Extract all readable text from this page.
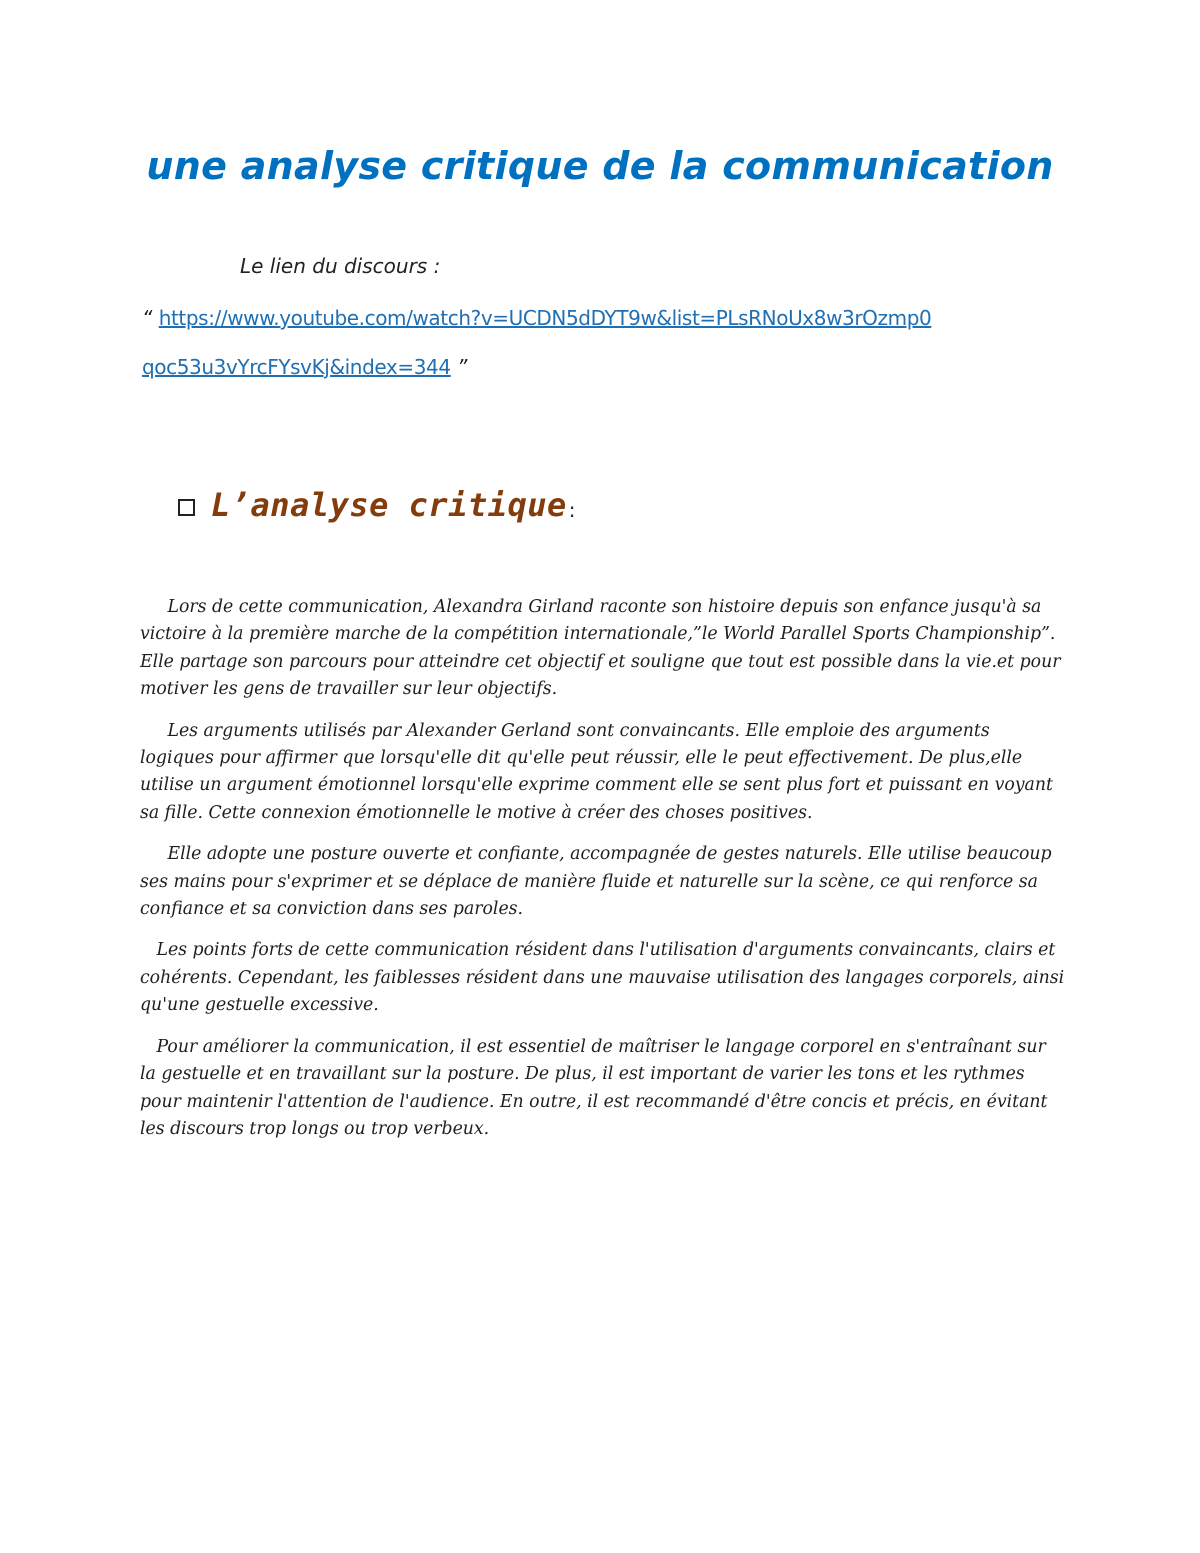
une analyse critique de la communication

Le lien du discours :

“ https://www.youtube.com/watch?v=UCDN5dDYT9w&list=PLsRNoUx8w3rOzmp0

qoc53u3vYrcFYsvKj&index=344 ”

L’analyse critique :

Lors de cette communication, Alexandra Girland raconte son histoire depuis son enfance jusqu'à sa victoire à la première marche de la compétition internationale,”le World Parallel Sports Championship”. Elle partage son parcours pour atteindre cet objectif et souligne que tout est possible dans la vie.et pour motiver les gens de travailler sur leur objectifs.

Les arguments utilisés par Alexander Gerland sont convaincants. Elle emploie des arguments logiques pour affirmer que lorsqu'elle dit qu'elle peut réussir, elle le peut effectivement. De plus,elle utilise un argument émotionnel lorsqu'elle exprime comment elle se sent plus fort et puissant en voyant sa fille. Cette connexion émotionnelle le motive à créer des choses positives.

Elle adopte une posture ouverte et confiante, accompagnée de gestes naturels. Elle utilise beaucoup ses mains pour s'exprimer et se déplace de manière fluide et naturelle sur la scène, ce qui renforce sa confiance et sa conviction dans ses paroles.

Les points forts de cette communication résident dans l'utilisation d'arguments convaincants, clairs et cohérents. Cependant, les faiblesses résident dans une mauvaise utilisation des langages corporels, ainsi qu'une gestuelle excessive.

Pour améliorer la communication, il est essentiel de maîtriser le langage corporel en s'entraînant sur la gestuelle et en travaillant sur la posture. De plus, il est important de varier les tons et les rythmes pour maintenir l'attention de l'audience. En outre, il est recommandé d'être concis et précis, en évitant les discours trop longs ou trop verbeux.
